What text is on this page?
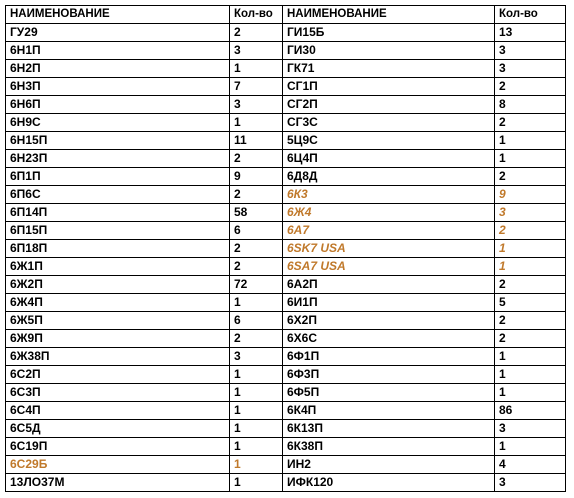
НАИМЕНОВАНИЕ	Кол-во	НАИМЕНОВАНИЕ	Кол-во
ГУ29	2	ГИ15Б	13
6Н1П	3	ГИ30	3
6Н2П	1	ГК71	3
6Н3П	7	СГ1П	2
6Н6П	3	СГ2П	8
6Н9С	1	СГ3С	2
6Н15П	11	5Ц9С	1
6Н23П	2	6Ц4П	1
6П1П	9	6Д8Д	2
6П6С	2	6К3	9
6П14П	58	6Ж4	3
6П15П	6	6А7	2
6П18П	2	6SK7 USA	1
6Ж1П	2	6SA7 USA	1
6Ж2П	72	6А2П	2
6Ж4П	1	6И1П	5
6Ж5П	6	6Х2П	2
6Ж9П	2	6Х6С	2
6Ж38П	3	6Ф1П	1
6С2П	1	6Ф3П	1
6С3П	1	6Ф5П	1
6С4П	1	6К4П	86
6С5Д	1	6К13П	3
6С19П	1	6К38П	1
6С29Б	1	ИН2	4
13ЛО37М	1	ИФК120	3
